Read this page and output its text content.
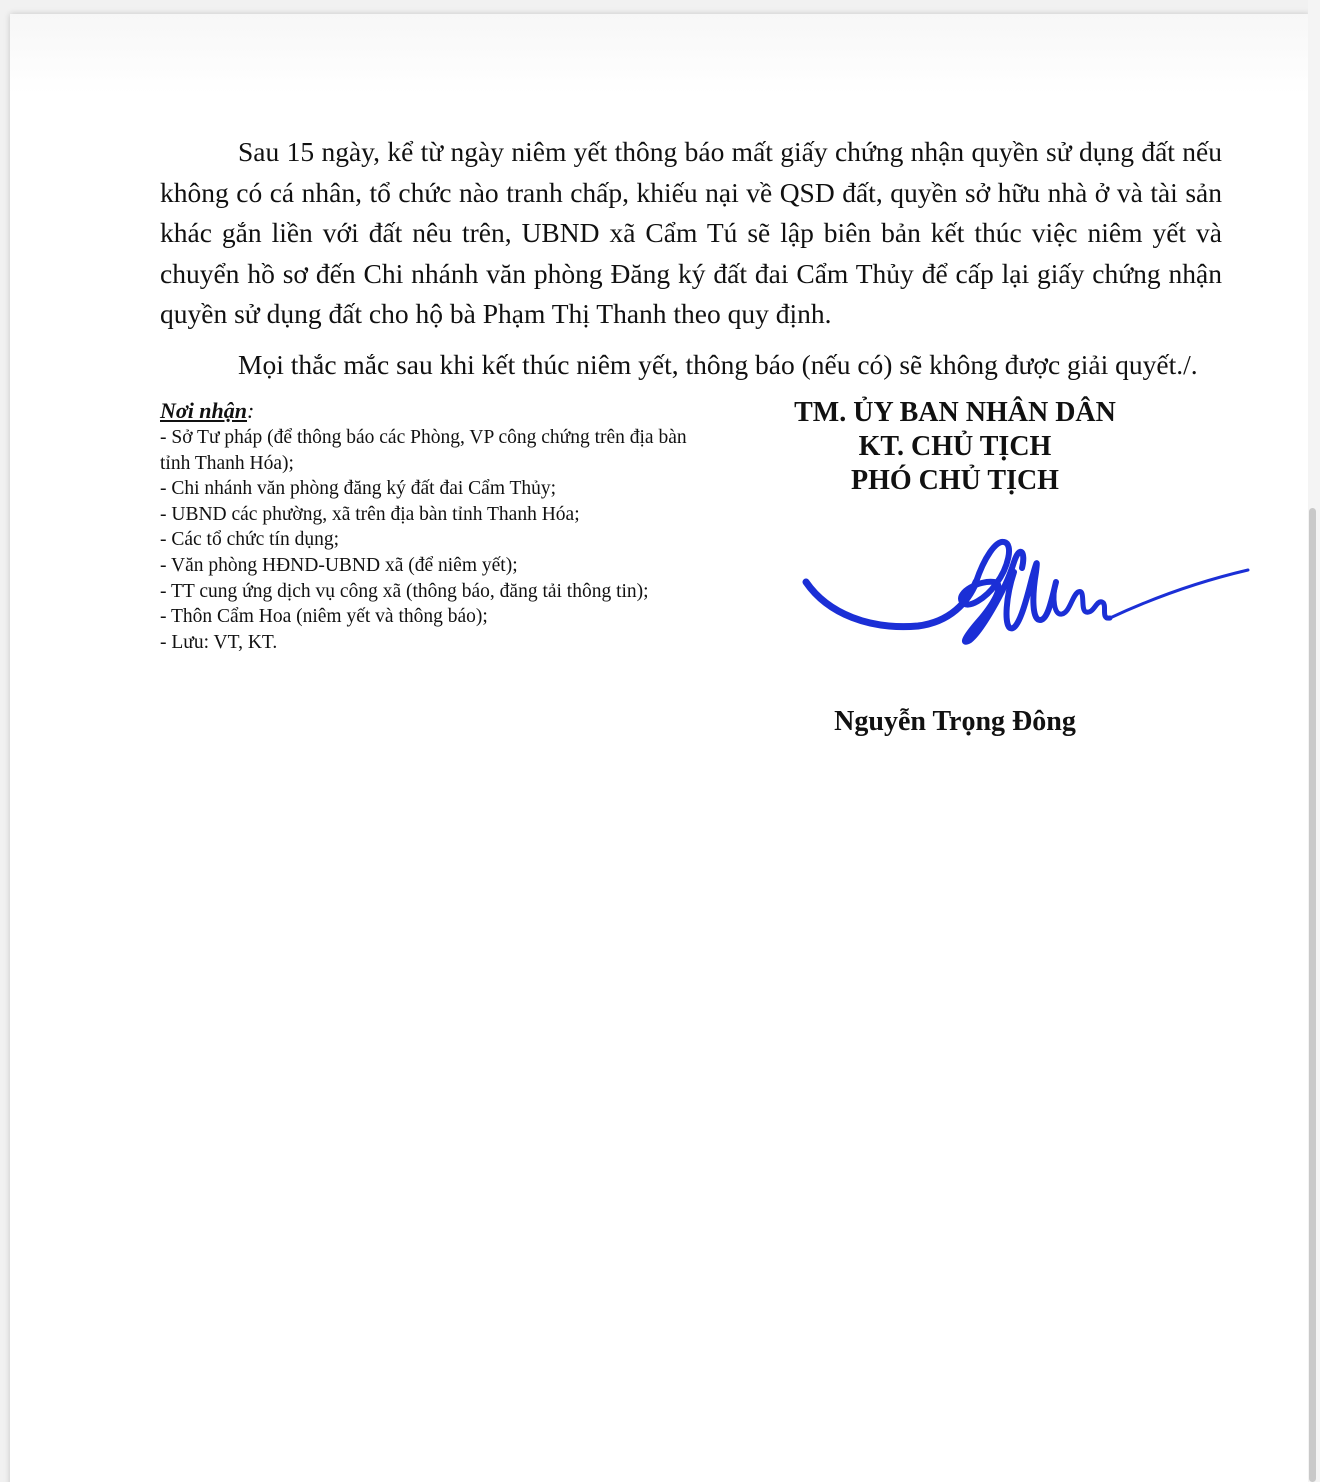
Sau 15 ngày, kể từ ngày niêm yết thông báo mất giấy chứng nhận quyền sử dụng đất nếu không có cá nhân, tổ chức nào tranh chấp, khiếu nại về QSD đất, quyền sở hữu nhà ở và tài sản khác gắn liền với đất nêu trên, UBND xã Cẩm Tú sẽ lập biên bản kết thúc việc niêm yết và chuyển hồ sơ đến Chi nhánh văn phòng Đăng ký đất đai Cẩm Thủy để cấp lại giấy chứng nhận quyền sử dụng đất cho hộ bà Phạm Thị Thanh theo quy định.

Mọi thắc mắc sau khi kết thúc niêm yết, thông báo (nếu có) sẽ không được giải quyết./.

Nơi nhận:

- Sở Tư pháp (để thông báo các Phòng, VP công chứng trên địa bàn tỉnh Thanh Hóa);
- Chi nhánh văn phòng đăng ký đất đai Cẩm Thủy;
- UBND các phường, xã trên địa bàn tỉnh Thanh Hóa;
- Các tổ chức tín dụng;
- Văn phòng HĐND-UBND xã (để niêm yết);
- TT cung ứng dịch vụ công xã (thông báo, đăng tải thông tin);
- Thôn Cẩm Hoa (niêm yết và thông báo);
- Lưu: VT, KT.

TM. ỦY BAN NHÂN DÂN

KT. CHỦ TỊCH

PHÓ CHỦ TỊCH

Nguyễn Trọng Đông
